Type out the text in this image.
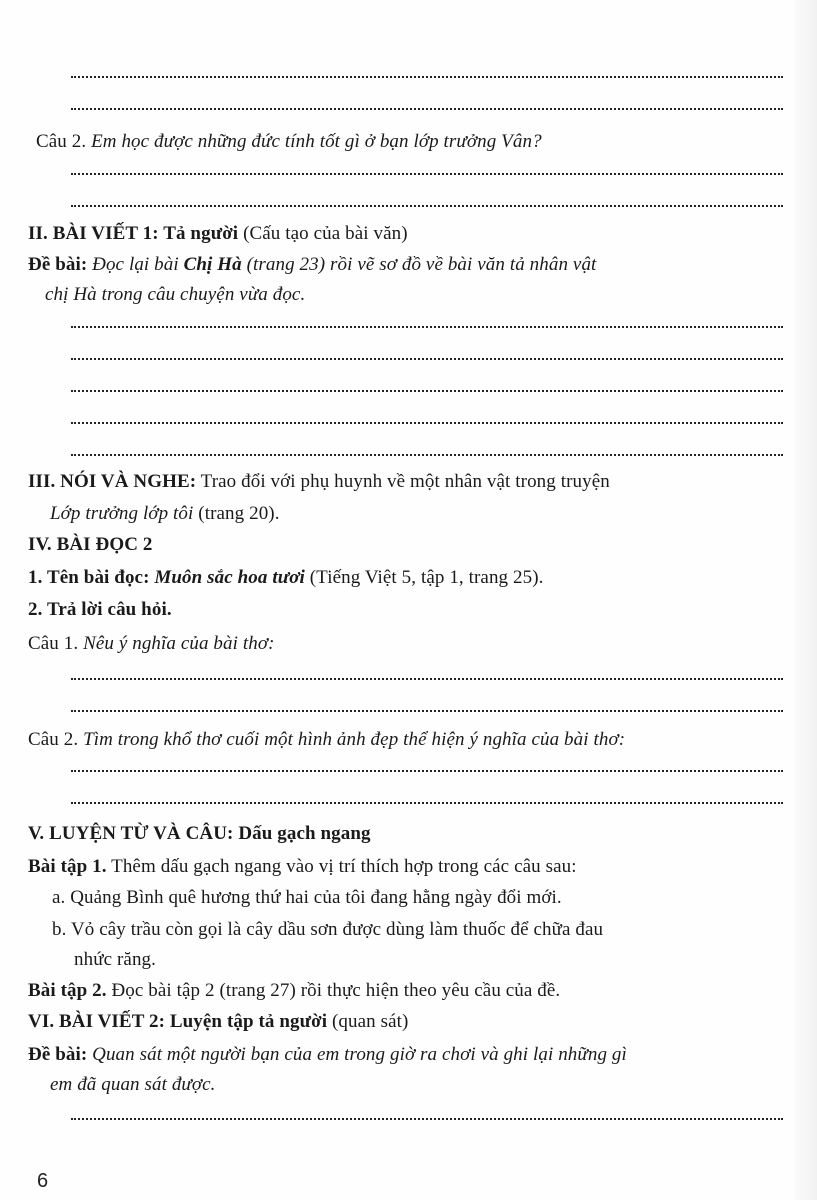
Câu 2. Em học được những đức tính tốt gì ở bạn lớp trưởng Vân?
II. BÀI VIẾT 1: Tả người (Cấu tạo của bài văn)
Đề bài: Đọc lại bài Chị Hà (trang 23) rồi vẽ sơ đồ về bài văn tả nhân vật
chị Hà trong câu chuyện vừa đọc.
III. NÓI VÀ NGHE: Trao đổi với phụ huynh về một nhân vật trong truyện
Lớp trưởng lớp tôi (trang 20).
IV. BÀI ĐỌC 2
1. Tên bài đọc: Muôn sắc hoa tươi (Tiếng Việt 5, tập 1, trang 25).
2. Trả lời câu hỏi.
Câu 1. Nêu ý nghĩa của bài thơ:
Câu 2. Tìm trong khổ thơ cuối một hình ảnh đẹp thể hiện ý nghĩa của bài thơ:
V. LUYỆN TỪ VÀ CÂU: Dấu gạch ngang
Bài tập 1. Thêm dấu gạch ngang vào vị trí thích hợp trong các câu sau:
a. Quảng Bình quê hương thứ hai của tôi đang hằng ngày đổi mới.
b. Vỏ cây trầu còn gọi là cây dầu sơn được dùng làm thuốc để chữa đau
nhức răng.
Bài tập 2. Đọc bài tập 2 (trang 27) rồi thực hiện theo yêu cầu của đề.
VI. BÀI VIẾT 2: Luyện tập tả người (quan sát)
Đề bài: Quan sát một người bạn của em trong giờ ra chơi và ghi lại những gì
em đã quan sát được.
6
